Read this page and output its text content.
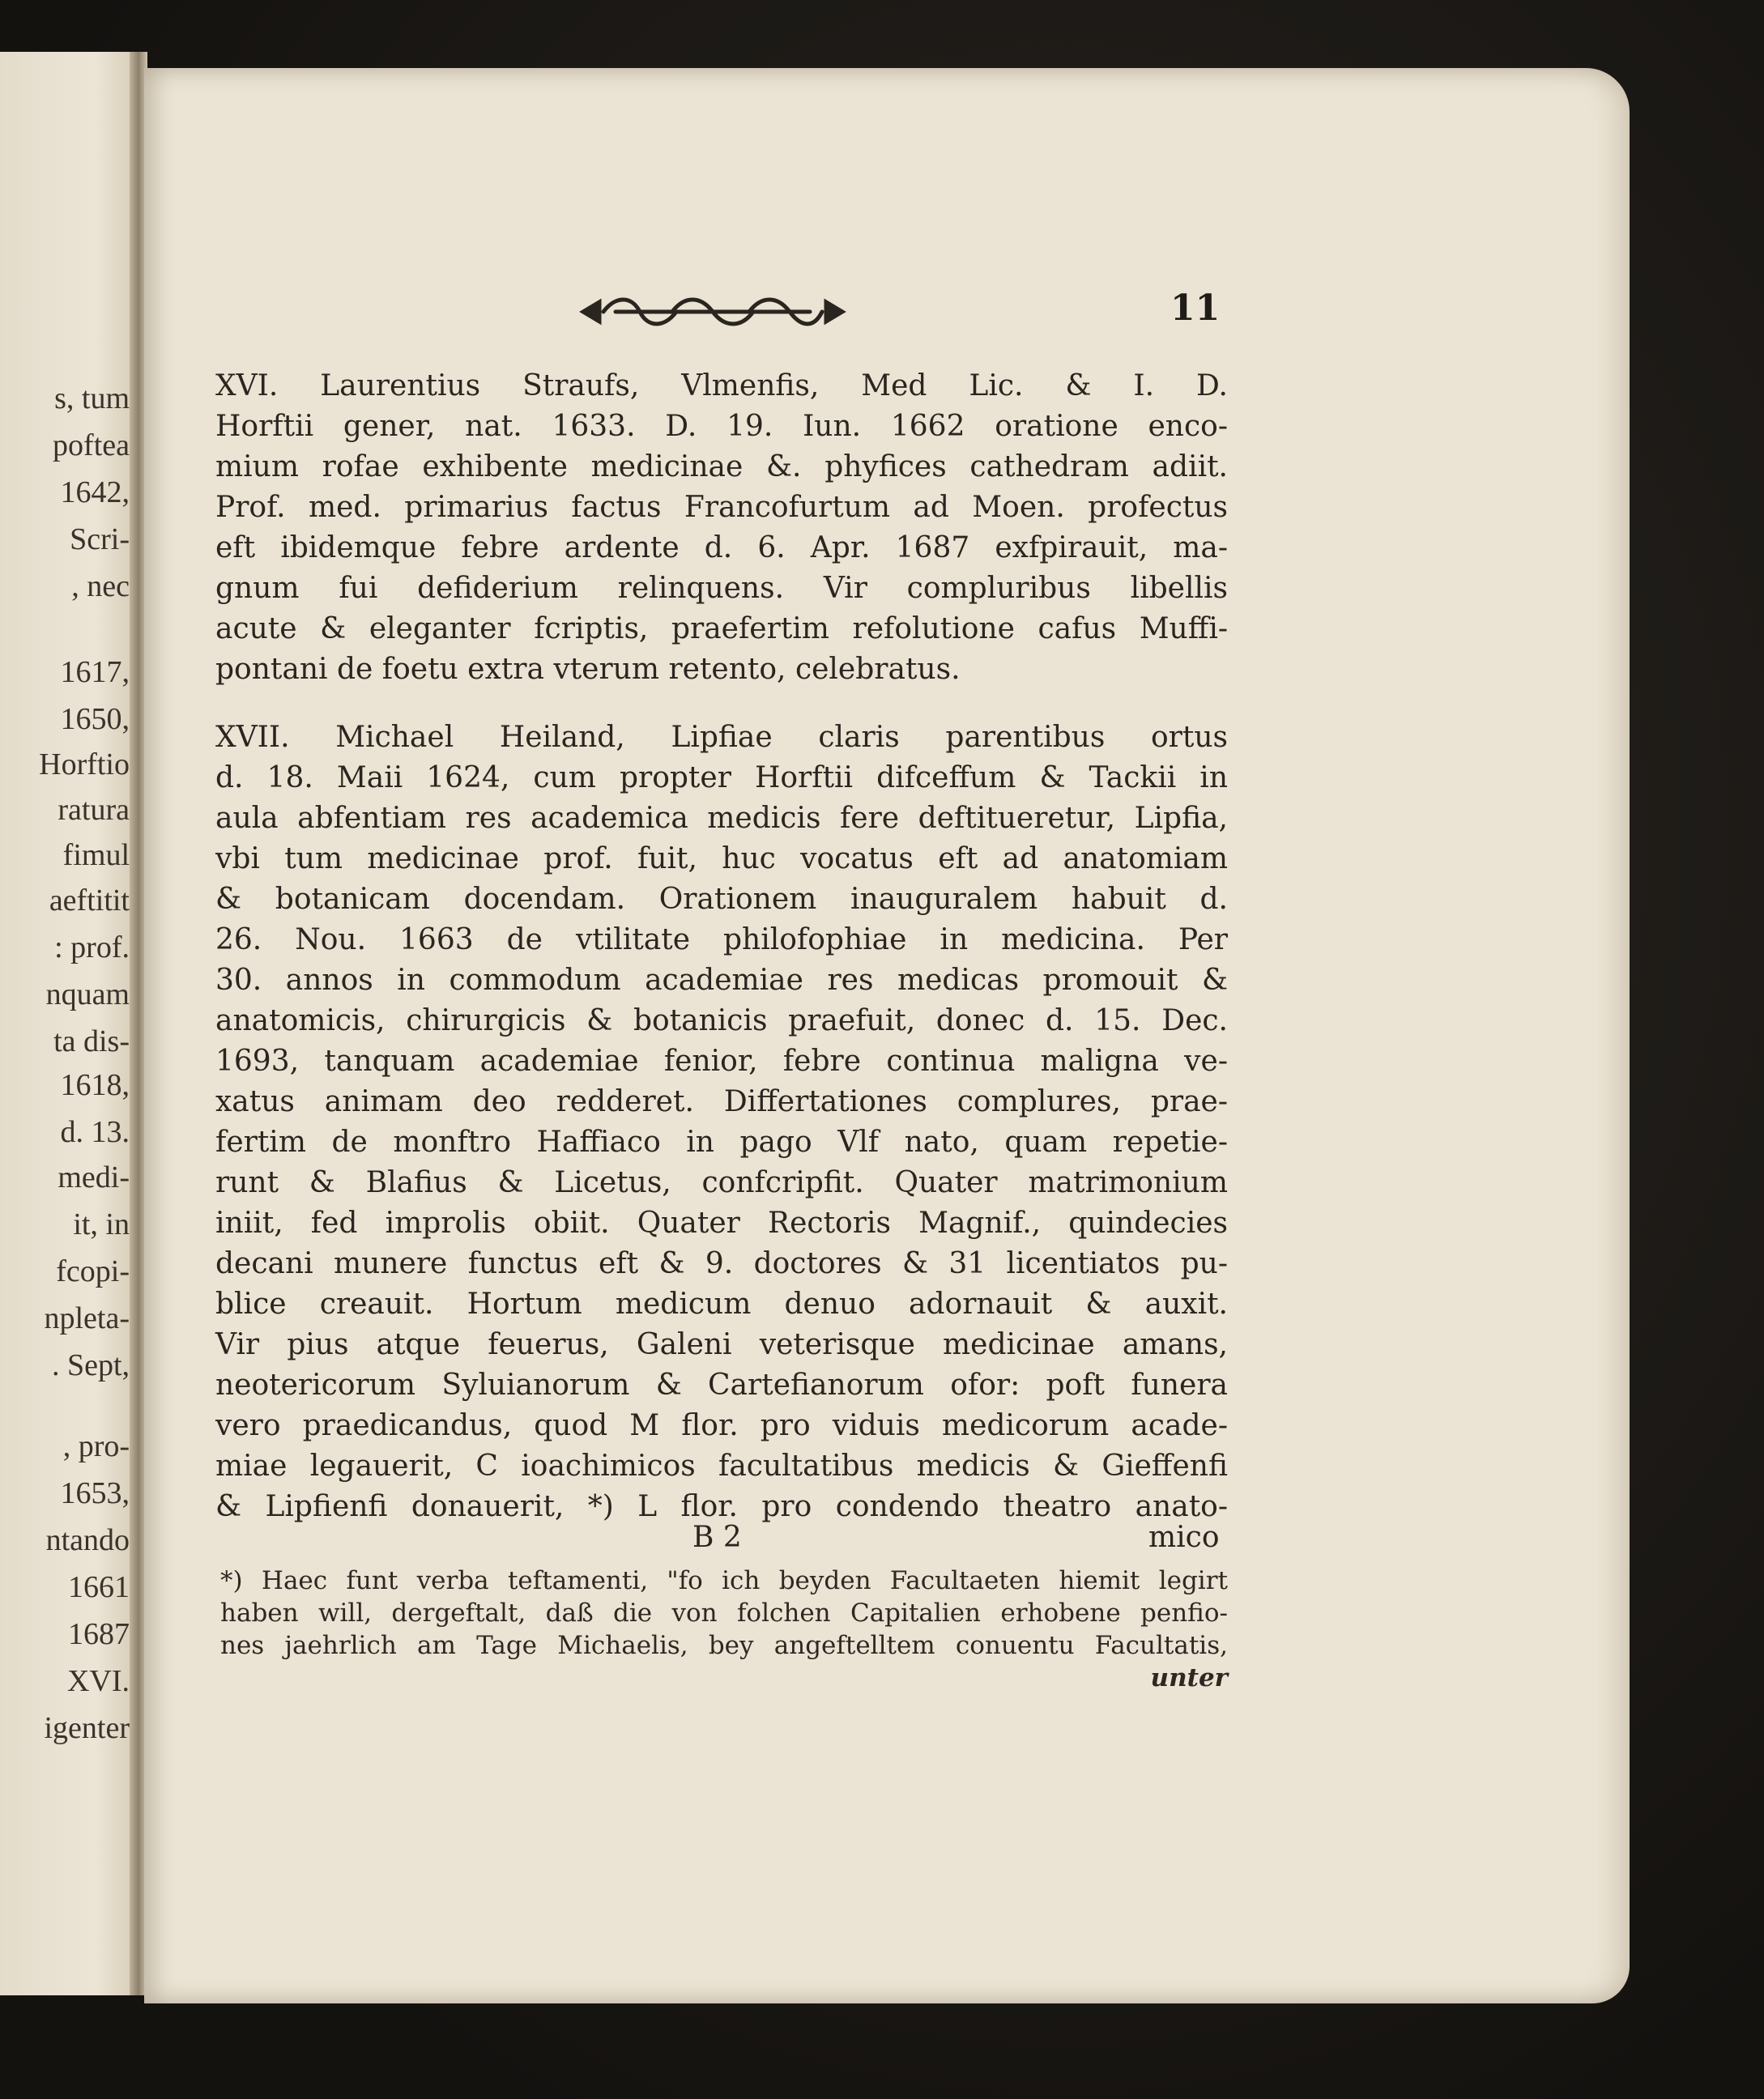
s, tum
poftea
1642,
Scri-
, nec
1617,
1650,
Horftio
ratura
fimul
aeftitit
: prof.
nquam
ta dis-
1618,
d. 13.
medi-
it, in
fcopi-
npleta-
. Sept,
, pro-
1653,
ntando
1661
1687
XVI.
igenter
11
XVI. Laurentius Straufs, Vlmenfis, Med Lic. & I. D.
Horftii gener, nat. 1633. D. 19. Iun. 1662 oratione enco-
mium rofae exhibente medicinae &. phyfices cathedram adiit.
Prof. med. primarius factus Francofurtum ad Moen. profectus
eft ibidemque febre ardente d. 6. Apr. 1687 exfpirauit, ma-
gnum fui defiderium relinquens. Vir compluribus libellis
acute & eleganter fcriptis, praefertim refolutione cafus Muffi-
pontani de foetu extra vterum retento, celebratus.
XVII. Michael Heiland, Lipfiae claris parentibus ortus
d. 18. Maii 1624, cum propter Horftii difceffum & Tackii in
aula abfentiam res academica medicis fere deftitueretur, Lipfia,
vbi tum medicinae prof. fuit, huc vocatus eft ad anatomiam
& botanicam docendam. Orationem inauguralem habuit d.
26. Nou. 1663 de vtilitate philofophiae in medicina. Per
30. annos in commodum academiae res medicas promouit &
anatomicis, chirurgicis & botanicis praefuit, donec d. 15. Dec.
1693, tanquam academiae fenior, febre continua maligna ve-
xatus animam deo redderet. Differtationes complures, prae-
fertim de monftro Haffiaco in pago Vlf nato, quam repetie-
runt & Blafius & Licetus, confcripfit. Quater matrimonium
iniit, fed improlis obiit. Quater Rectoris Magnif., quindecies
decani munere functus eft & 9. doctores & 31 licentiatos pu-
blice creauit. Hortum medicum denuo adornauit & auxit.
Vir pius atque feuerus, Galeni veterisque medicinae amans,
neotericorum Syluianorum & Cartefianorum ofor: poft funera
vero praedicandus, quod M flor. pro viduis medicorum acade-
miae legauerit, C ioachimicos facultatibus medicis & Gieffenfi
& Lipfienfi donauerit, *) L flor. pro condendo theatro anato-
B 2	mico
*) Haec funt verba teftamenti, "fo ich beyden Facultaeten hiemit legirt
haben will, dergeftalt, daß die von folchen Capitalien erhobene penfio-
nes jaehrlich am Tage Michaelis, bey angeftelltem conuentu Facultatis,
unter
